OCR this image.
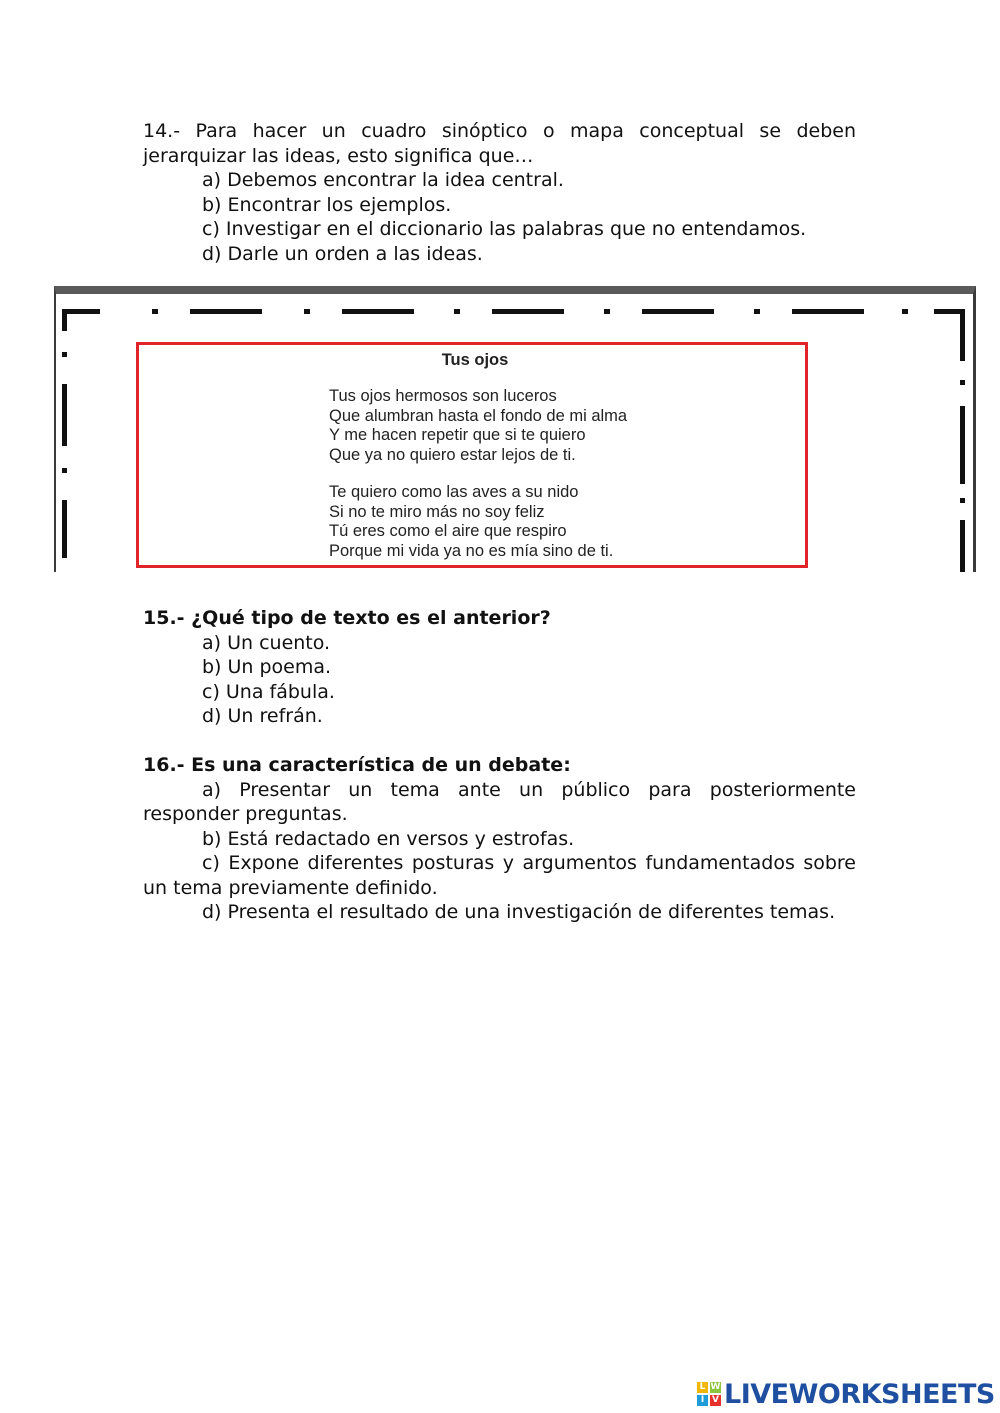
14.- Para hacer un cuadro sinóptico o mapa conceptual se deben jerarquizar las ideas, esto significa que…
a) Debemos encontrar la idea central.
b) Encontrar los ejemplos.
c) Investigar en el diccionario las palabras que no entendamos.
d) Darle un orden a las ideas.
Tus ojos
Tus ojos hermosos son luceros
Que alumbran hasta el fondo de mi alma
Y me hacen repetir que si te quiero
Que ya no quiero estar lejos de ti.
Te quiero como las aves a su nido
Si no te miro más no soy feliz
Tú eres como el aire que respiro
Porque mi vida ya no es mía sino de ti.
15.- ¿Qué tipo de texto es el anterior?
a) Un cuento.
b) Un poema.
c) Una fábula.
d) Un refrán.
16.- Es una característica de un debate:
a) Presentar un tema ante un público para posteriormente responder preguntas.
b) Está redactado en versos y estrofas.
c) Expone diferentes posturas y argumentos fundamentados sobre un tema previamente definido.
d) Presenta el resultado de una investigación de diferentes temas.
L W
I V LIVEWORKSHEETS
